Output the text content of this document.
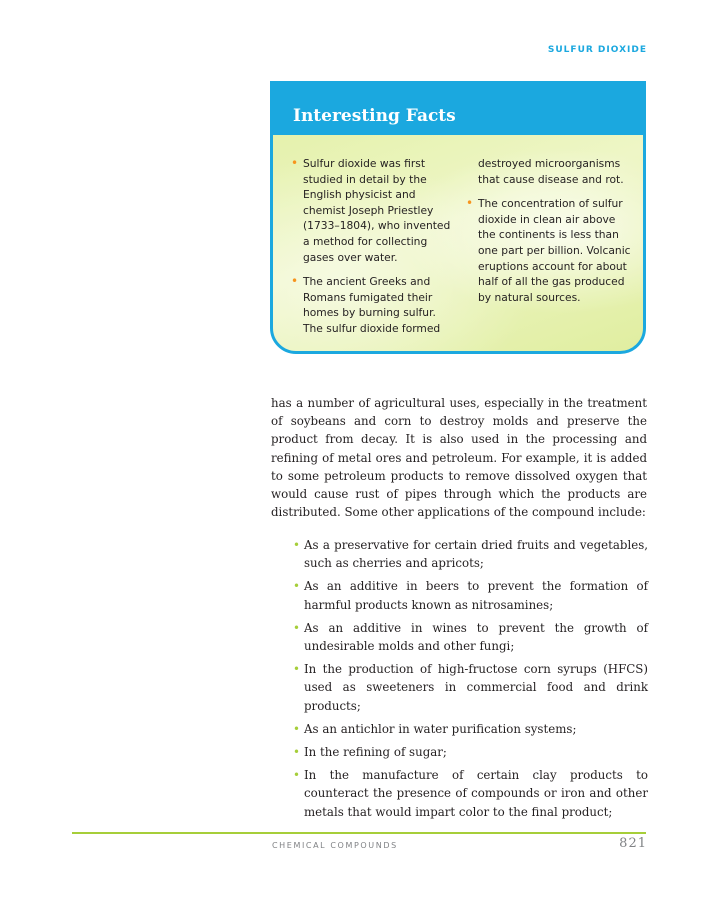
SULFUR DIOXIDE
Interesting Facts

• Sulfur dioxide was first studied in detail by the English physicist and chemist Joseph Priestley (1733–1804), who invented a method for collecting gases over water.

• The ancient Greeks and Romans fumigated their homes by burning sulfur. The sulfur dioxide formed

destroyed microorganisms that cause disease and rot.

• The concentration of sulfur dioxide in clean air above the continents is less than one part per billion. Volcanic eruptions account for about half of all the gas produced by natural sources.

has a number of agricultural uses, especially in the treatment of soybeans and corn to destroy molds and preserve the product from decay. It is also used in the processing and refining of metal ores and petroleum. For example, it is added to some petroleum products to remove dissolved oxygen that would cause rust of pipes through which the products are distributed. Some other applications of the compound include:

• As a preservative for certain dried fruits and vegetables, such as cherries and apricots;
• As an additive in beers to prevent the formation of harmful products known as nitrosamines;
• As an additive in wines to prevent the growth of undesirable molds and other fungi;
• In the production of high-fructose corn syrups (HFCS) used as sweeteners in commercial food and drink products;
• As an antichlor in water purification systems;
• In the refining of sugar;
• In the manufacture of certain clay products to counteract the presence of compounds or iron and other metals that would impart color to the final product;
CHEMICAL COMPOUNDS	821
